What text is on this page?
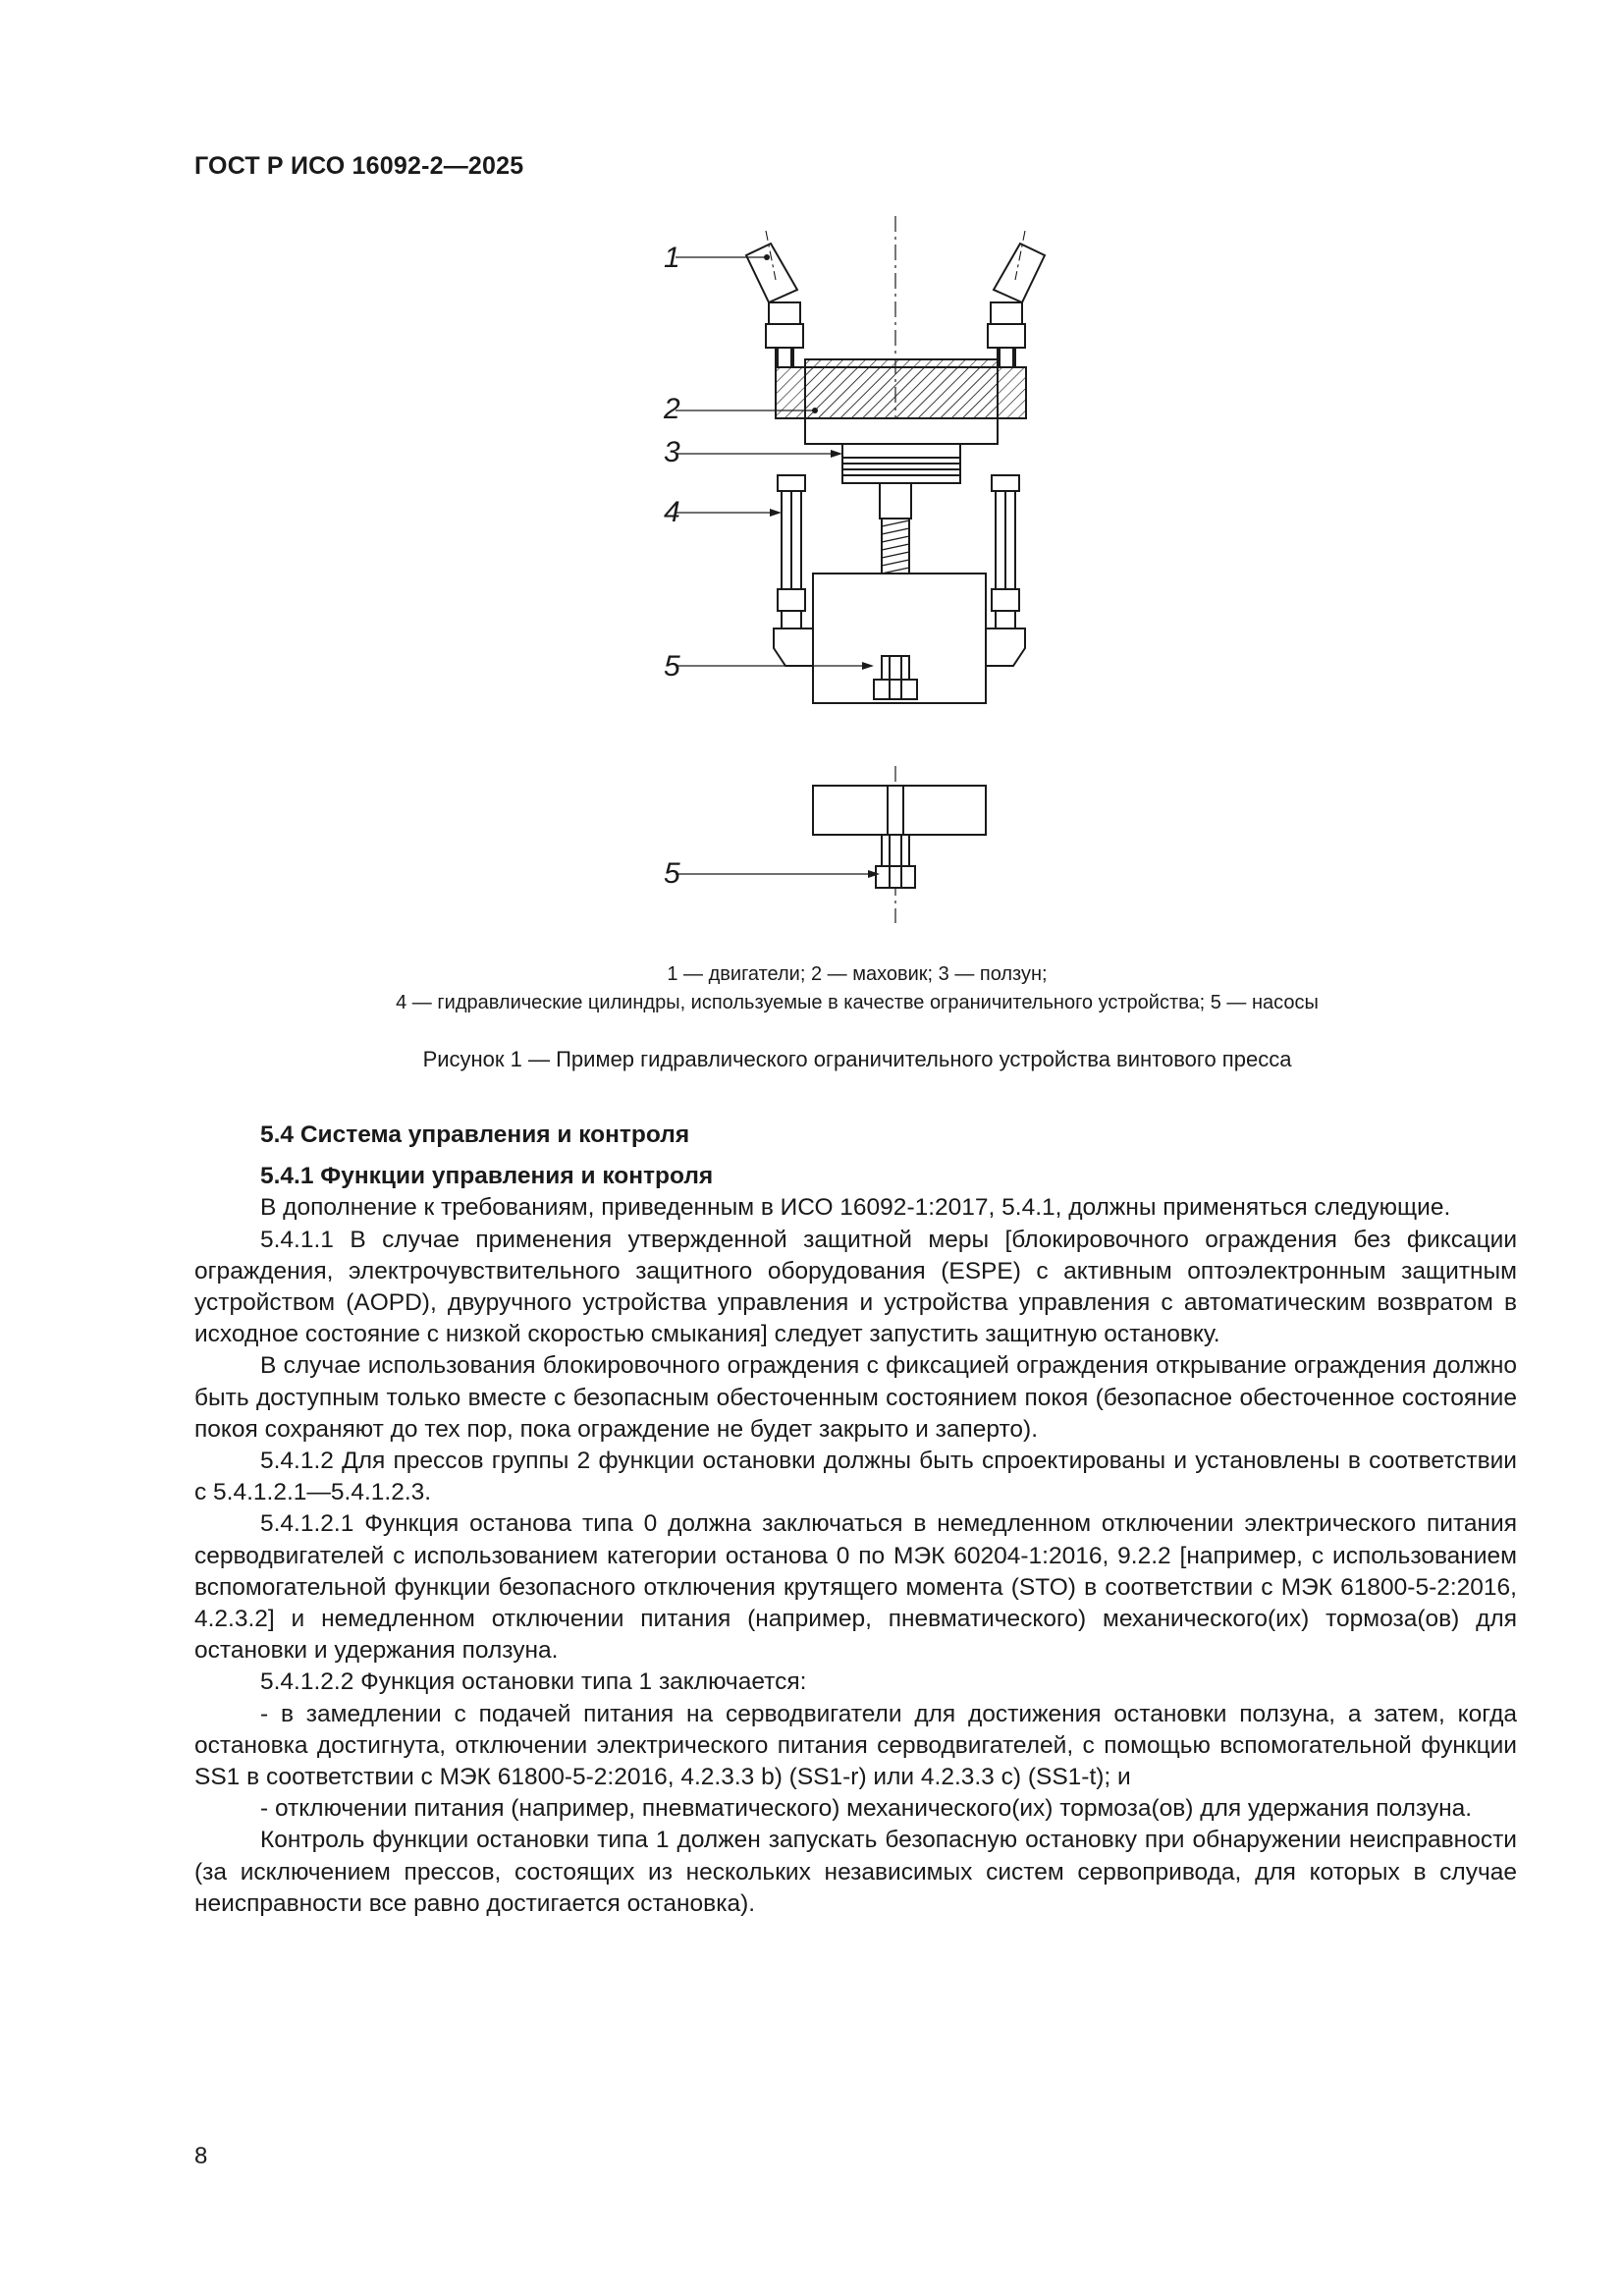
ГОСТ Р ИСО 16092-2—2025
1
2
3
4
5
5
1 — двигатели; 2 — маховик; 3 — ползун;
4 — гидравлические цилиндры, используемые в качестве ограничительного устройства; 5 — насосы
Рисунок 1 — Пример гидравлического ограничительного устройства винтового пресса
5.4 Система управления и контроля
5.4.1 Функции управления и контроля

В дополнение к требованиям, приведенным в ИСО 16092-1:2017, 5.4.1, должны применяться следующие.

5.4.1.1 В случае применения утвержденной защитной меры [блокировочного ограждения без фиксации ограждения, электрочувствительного защитного оборудования (ESPE) с активным оптоэлектронным защитным устройством (AOPD), двуручного устройства управления и устройства управления с автоматическим возвратом в исходное состояние с низкой скоростью смыкания] следует запустить защитную остановку.

В случае использования блокировочного ограждения с фиксацией ограждения открывание ограждения должно быть доступным только вместе с безопасным обесточенным состоянием покоя (безопасное обесточенное состояние покоя сохраняют до тех пор, пока ограждение не будет закрыто и заперто).

5.4.1.2 Для прессов группы 2 функции остановки должны быть спроектированы и установлены в соответствии с 5.4.1.2.1—5.4.1.2.3.

5.4.1.2.1 Функция останова типа 0 должна заключаться в немедленном отключении электрического питания серводвигателей с использованием категории останова 0 по МЭК 60204-1:2016, 9.2.2 [например, с использованием вспомогательной функции безопасного отключения крутящего момента (STO) в соответствии с МЭК 61800-5-2:2016, 4.2.3.2] и немедленном отключении питания (например, пневматического) механического(их) тормоза(ов) для остановки и удержания ползуна.

5.4.1.2.2 Функция остановки типа 1 заключается:

- в замедлении с подачей питания на серводвигатели для достижения остановки ползуна, а затем, когда остановка достигнута, отключении электрического питания серводвигателей, с помощью вспомогательной функции SS1 в соответствии с МЭК 61800-5-2:2016, 4.2.3.3 b) (SS1-r) или 4.2.3.3 c) (SS1-t); и

- отключении питания (например, пневматического) механического(их) тормоза(ов) для удержания ползуна.

Контроль функции остановки типа 1 должен запускать безопасную остановку при обнаружении неисправности (за исключением прессов, состоящих из нескольких независимых систем сервопривода, для которых в случае неисправности все равно достигается остановка).

8
